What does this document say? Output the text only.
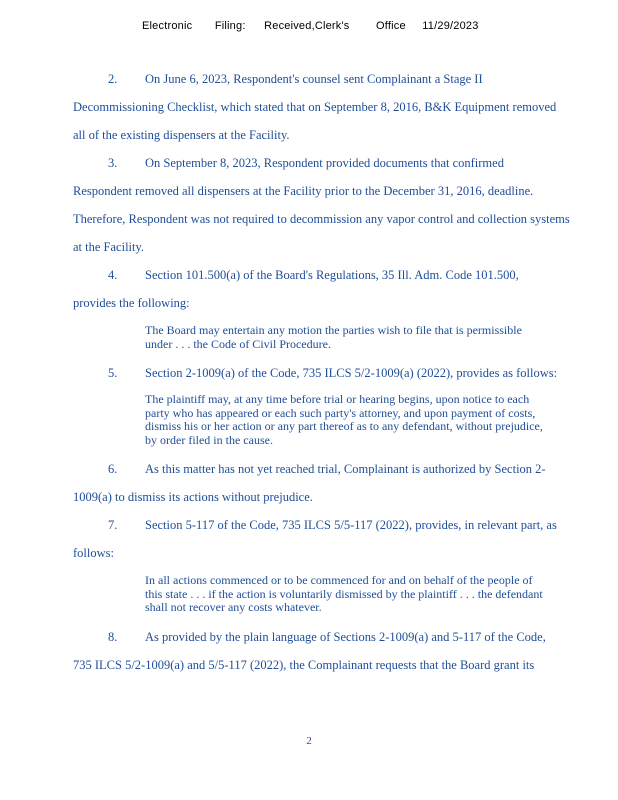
Electronic Filing: Received,Clerk's Office 11/29/2023
2. On June 6, 2023, Respondent's counsel sent Complainant a Stage II
Decommissioning Checklist, which stated that on September 8, 2016, B&K Equipment removed
all of the existing dispensers at the Facility.
3. On September 8, 2023, Respondent provided documents that confirmed
Respondent removed all dispensers at the Facility prior to the December 31, 2016, deadline.
Therefore, Respondent was not required to decommission any vapor control and collection systems
at the Facility.
4. Section 101.500(a) of the Board's Regulations, 35 Ill. Adm. Code 101.500,
provides the following:
The Board may entertain any motion the parties wish to file that is permissible
under . . . the Code of Civil Procedure.
5. Section 2-1009(a) of the Code, 735 ILCS 5/2-1009(a) (2022), provides as follows:
The plaintiff may, at any time before trial or hearing begins, upon notice to each
party who has appeared or each such party's attorney, and upon payment of costs,
dismiss his or her action or any part thereof as to any defendant, without prejudice,
by order filed in the cause.
6. As this matter has not yet reached trial, Complainant is authorized by Section 2-
1009(a) to dismiss its actions without prejudice.
7. Section 5-117 of the Code, 735 ILCS 5/5-117 (2022), provides, in relevant part, as
follows:
In all actions commenced or to be commenced for and on behalf of the people of
this state . . . if the action is voluntarily dismissed by the plaintiff . . . the defendant
shall not recover any costs whatever.
8. As provided by the plain language of Sections 2-1009(a) and 5-117 of the Code,
735 ILCS 5/2-1009(a) and 5/5-117 (2022), the Complainant requests that the Board grant its
2
